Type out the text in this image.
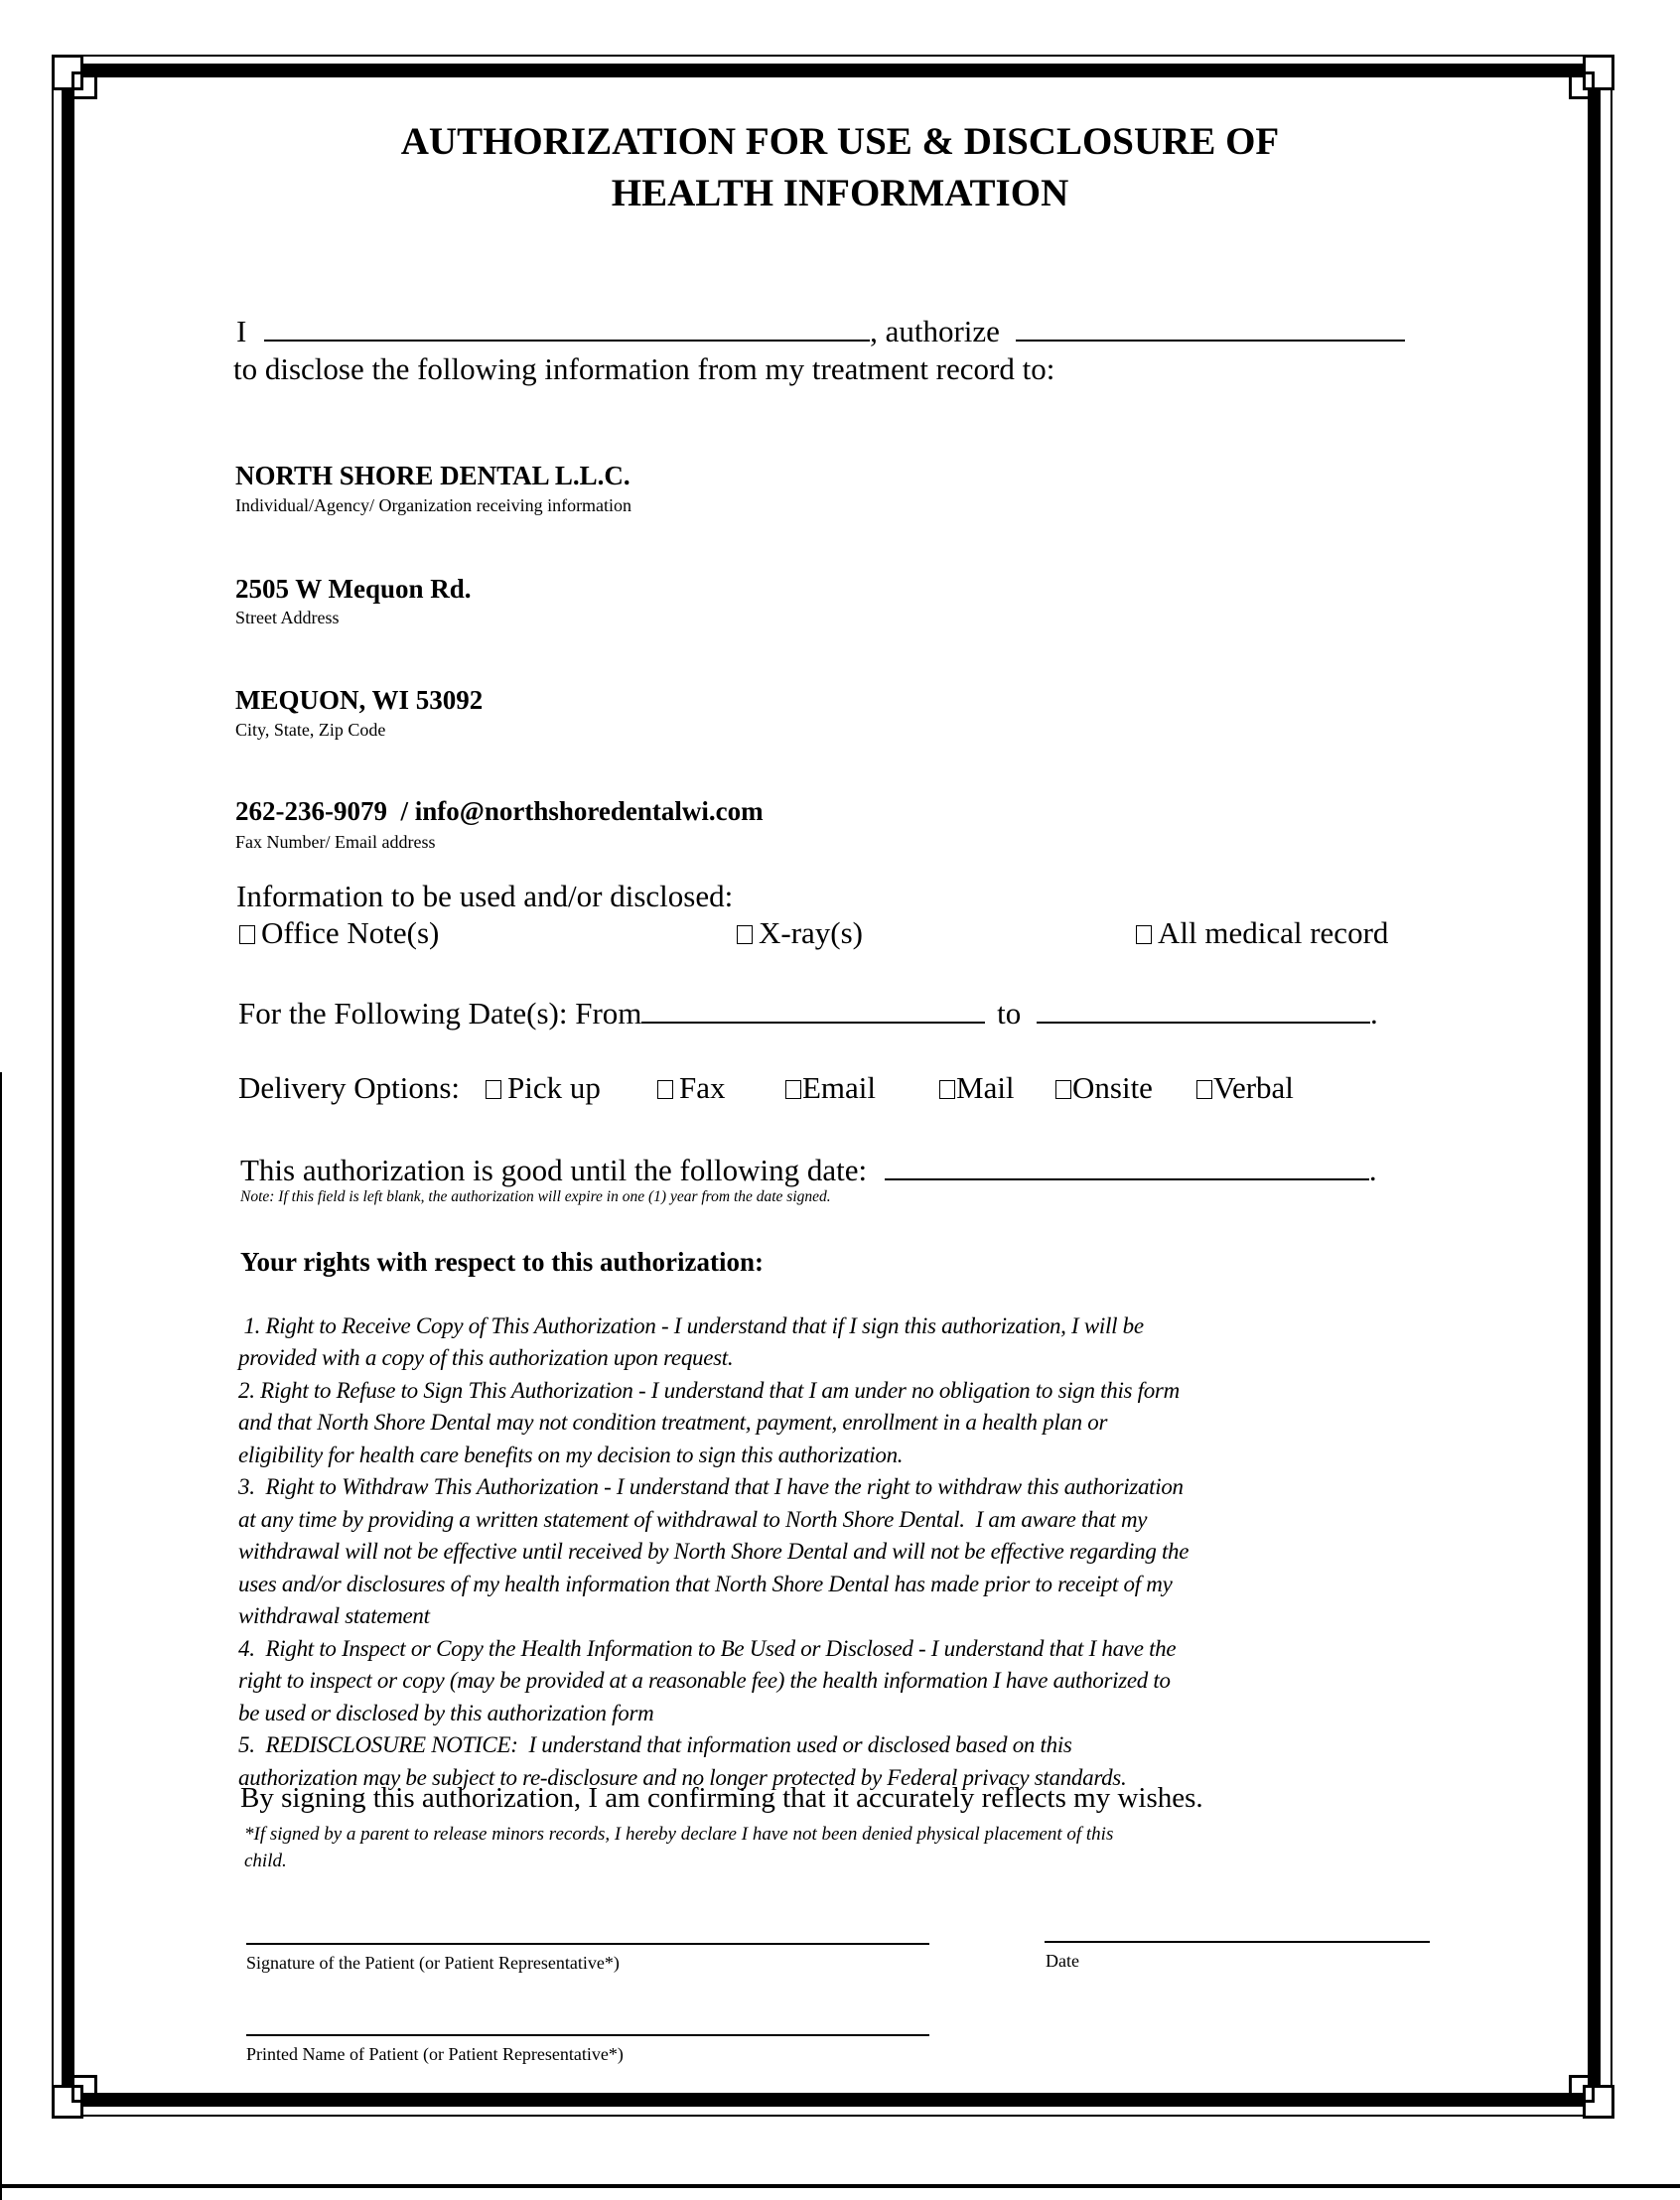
AUTHORIZATION FOR USE & DISCLOSURE OF
HEALTH INFORMATION
I	, authorize
to disclose the following information from my treatment record to:
NORTH SHORE DENTAL L.L.C.
Individual/Agency/ Organization receiving information
2505 W Mequon Rd.
Street Address
MEQUON, WI 53092
City, State, Zip Code
262-236-9079  / info@northshoredentalwi.com
Fax Number/ Email address
Information to be used and/or disclosed:
Office Note(s)	X-ray(s)	All medical record
For the Following Date(s): From	to	.
Delivery Options:	Pick up	Fax	Email	Mail	Onsite	Verbal
This authorization is good until the following date:	.
Note: If this field is left blank, the authorization will expire in one (1) year from the date signed.
Your rights with respect to this authorization:

1. Right to Receive Copy of This Authorization - I understand that if I sign this authorization, I will be
provided with a copy of this authorization upon request.
2. Right to Refuse to Sign This Authorization - I understand that I am under no obligation to sign this form
and that North Shore Dental may not condition treatment, payment, enrollment in a health plan or
eligibility for health care benefits on my decision to sign this authorization.
3.  Right to Withdraw This Authorization - I understand that I have the right to withdraw this authorization
at any time by providing a written statement of withdrawal to North Shore Dental.  I am aware that my
withdrawal will not be effective until received by North Shore Dental and will not be effective regarding the
uses and/or disclosures of my health information that North Shore Dental has made prior to receipt of my
withdrawal statement
4.  Right to Inspect or Copy the Health Information to Be Used or Disclosed - I understand that I have the
right to inspect or copy (may be provided at a reasonable fee) the health information I have authorized to
be used or disclosed by this authorization form
5.  REDISCLOSURE NOTICE:  I understand that information used or disclosed based on this
authorization may be subject to re-disclosure and no longer protected by Federal privacy standards.

By signing this authorization, I am confirming that it accurately reflects my wishes.
*If signed by a parent to release minors records, I hereby declare I have not been denied physical placement of this
child.
Signature of the Patient (or Patient Representative*)	Date
Printed Name of Patient (or Patient Representative*)
